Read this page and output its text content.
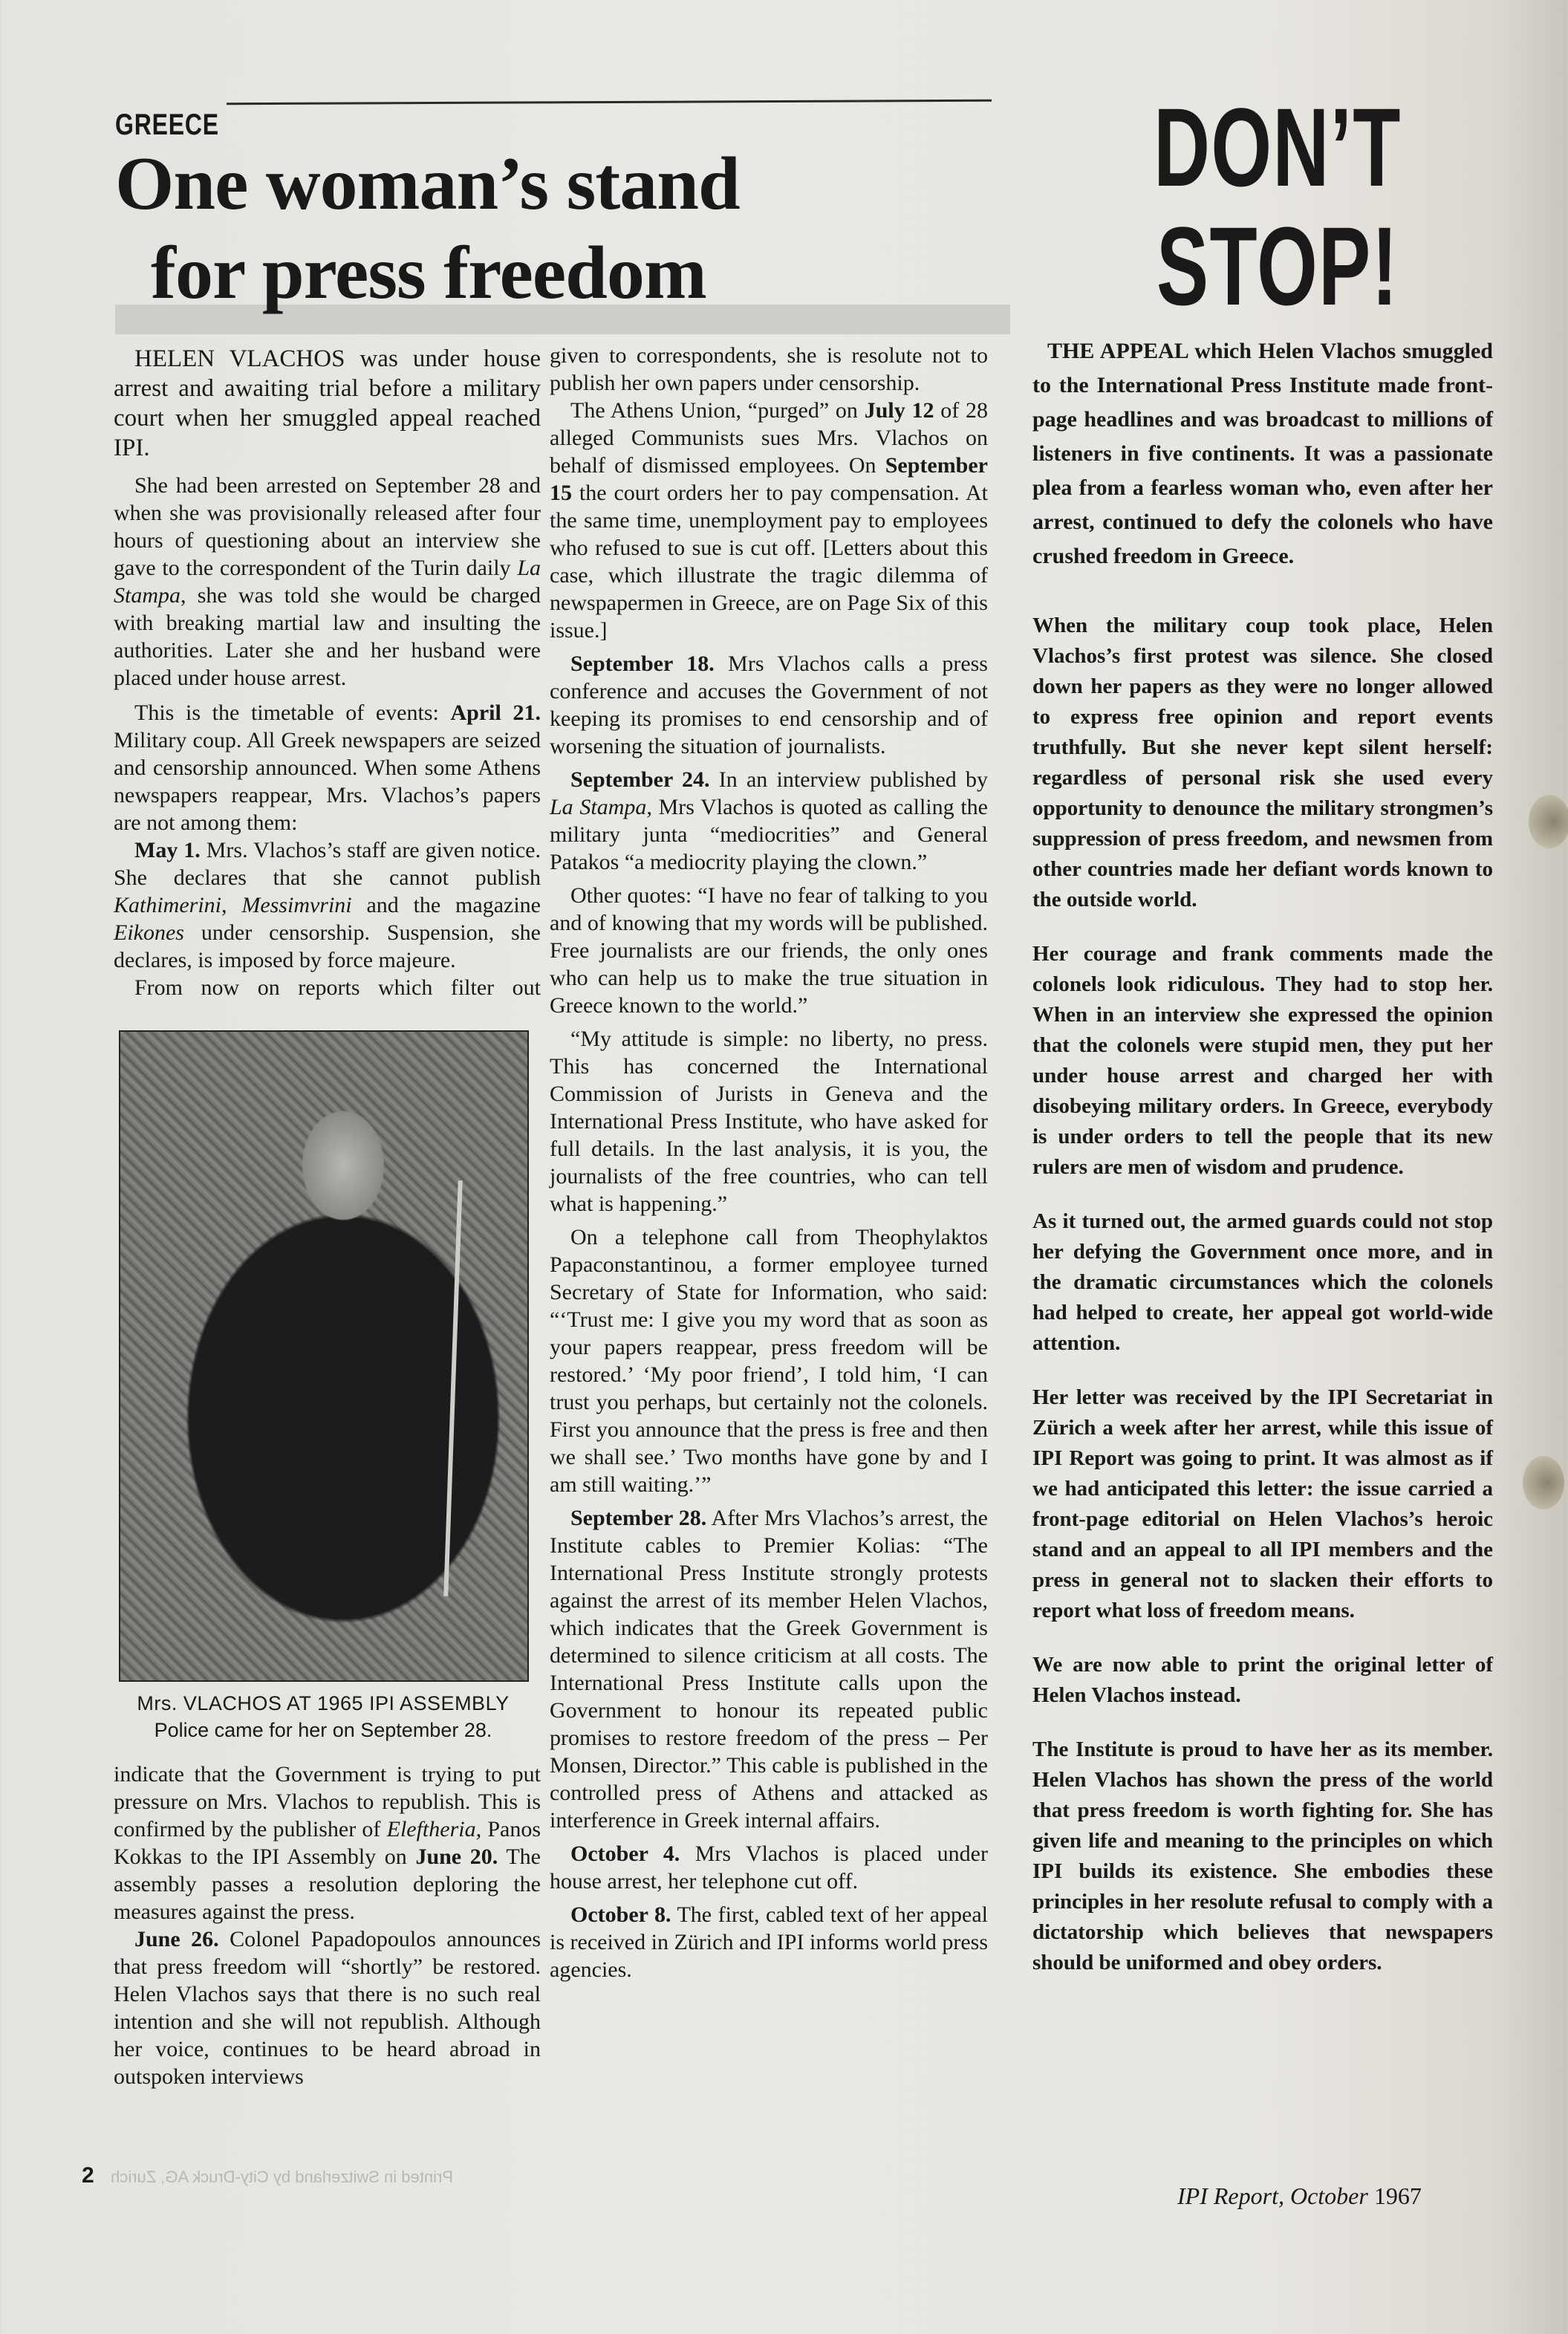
GREECE
One woman’s stand
for press freedom
DON’T
STOP!

HELEN VLACHOS was under house arrest and awaiting trial before a military court when her smuggled appeal reached IPI.

She had been arrested on September 28 and when she was provisionally released after four hours of questioning about an interview she gave to the correspondent of the Turin daily La Stampa, she was told she would be charged with breaking martial law and insulting the authorities. Later she and her husband were placed under house arrest.

This is the timetable of events: April 21. Military coup. All Greek newspapers are seized and censorship announced. When some Athens newspapers reappear, Mrs. Vlachos’s papers are not among them:

May 1. Mrs. Vlachos’s staff are given notice. She declares that she cannot publish Kathimerini, Messimvrini and the magazine Eikones under censorship. Suspension, she declares, is imposed by force majeure.

From now on reports which filter out

Mrs. VLACHOS AT 1965 IPI ASSEMBLY
Police came for her on September 28.

indicate that the Government is trying to put pressure on Mrs. Vlachos to republish. This is confirmed by the publisher of Eleftheria, Panos Kokkas to the IPI Assembly on June 20. The assembly passes a resolution deploring the measures against the press.

June 26. Colonel Papadopoulos announces that press freedom will “shortly” be restored. Helen Vlachos says that there is no such real intention and she will not republish. Although her voice, continues to be heard abroad in outspoken interviews

given to correspondents, she is resolute not to publish her own papers under censorship.

The Athens Union, “purged” on July 12 of 28 alleged Communists sues Mrs. Vlachos on behalf of dismissed employees. On September 15 the court orders her to pay compensation. At the same time, unemployment pay to employees who refused to sue is cut off. [Letters about this case, which illustrate the tragic dilemma of newspapermen in Greece, are on Page Six of this issue.]

September 18. Mrs Vlachos calls a press conference and accuses the Government of not keeping its promises to end censorship and of worsening the situation of journalists.

September 24. In an interview published by La Stampa, Mrs Vlachos is quoted as calling the military junta “mediocrities” and General Patakos “a mediocrity playing the clown.”

Other quotes: “I have no fear of talking to you and of knowing that my words will be published. Free journalists are our friends, the only ones who can help us to make the true situation in Greece known to the world.”

“My attitude is simple: no liberty, no press. This has concerned the International Commission of Jurists in Geneva and the International Press Institute, who have asked for full details. In the last analysis, it is you, the journalists of the free countries, who can tell what is happening.”

On a telephone call from Theophylaktos Papaconstantinou, a former employee turned Secretary of State for Information, who said: “‘Trust me: I give you my word that as soon as your papers reappear, press freedom will be restored.’ ‘My poor friend’, I told him, ‘I can trust you perhaps, but certainly not the colonels. First you announce that the press is free and then we shall see.’ Two months have gone by and I am still waiting.’”

September 28. After Mrs Vlachos’s arrest, the Institute cables to Premier Kolias: “The International Press Institute strongly protests against the arrest of its member Helen Vlachos, which indicates that the Greek Government is determined to silence criticism at all costs. The International Press Institute calls upon the Government to honour its repeated public promises to restore freedom of the press – Per Monsen, Director.” This cable is published in the controlled press of Athens and attacked as interference in Greek internal affairs.

October 4. Mrs Vlachos is placed under house arrest, her telephone cut off.

October 8. The first, cabled text of her appeal is received in Zürich and IPI informs world press agencies.

THE APPEAL which Helen Vlachos smuggled to the International Press Institute made front-page headlines and was broadcast to millions of listeners in five continents. It was a passionate plea from a fearless woman who, even after her arrest, continued to defy the colonels who have crushed freedom in Greece.

When the military coup took place, Helen Vlachos’s first protest was silence. She closed down her papers as they were no longer allowed to express free opinion and report events truthfully. But she never kept silent herself: regardless of personal risk she used every opportunity to denounce the military strongmen’s suppression of press freedom, and newsmen from other countries made her defiant words known to the outside world.

Her courage and frank comments made the colonels look ridiculous. They had to stop her. When in an interview she expressed the opinion that the colonels were stupid men, they put her under house arrest and charged her with disobeying military orders. In Greece, everybody is under orders to tell the people that its new rulers are men of wisdom and prudence.

As it turned out, the armed guards could not stop her defying the Government once more, and in the dramatic circumstances which the colonels had helped to create, her appeal got world-wide attention.

Her letter was received by the IPI Secretariat in Zürich a week after her arrest, while this issue of IPI Report was going to print. It was almost as if we had anticipated this letter: the issue carried a front-page editorial on Helen Vlachos’s heroic stand and an appeal to all IPI members and the press in general not to slacken their efforts to report what loss of freedom means.

We are now able to print the original letter of Helen Vlachos instead.

The Institute is proud to have her as its member. Helen Vlachos has shown the press of the world that press freedom is worth fighting for. She has given life and meaning to the principles on which IPI builds its existence. She embodies these principles in her resolute refusal to comply with a dictatorship which believes that newspapers should be uniformed and obey orders.

Printed in Switzerland by City-Druck AG, Zurich
2
IPI Report, October 1967
